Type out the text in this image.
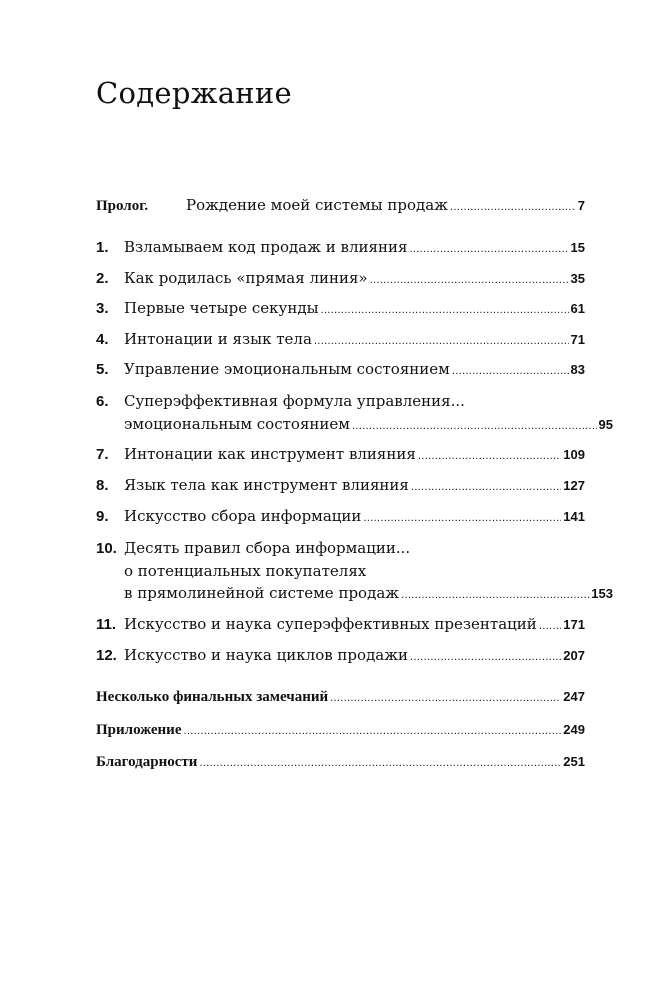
Содержание
Пролог.	Рождение моей системы продаж .....	7
1.	Взламываем код продаж и влияния .....	15
2.	Как родилась «прямая линия» .....	35
3.	Первые четыре секунды .....	61
4.	Интонации и язык тела .....	71
5.	Управление эмоциональным состоянием .....	83
6.	Суперэффективная формула управления...
эмоциональным состоянием .....	95
7.	Интонации как инструмент влияния .....	109
8.	Язык тела как инструмент влияния .....	127
9.	Искусство сбора информации .....	141
10. Десять правил сбора информации...
о потенциальных покупателях
в прямолинейной системе продаж .....	153
11. Искусство и наука суперэффективных презентаций ..... 171
12. Искусство и наука циклов продажи .....	207
Несколько финальных замечаний .....	247
Приложение .....	249
Благодарности .....	251
